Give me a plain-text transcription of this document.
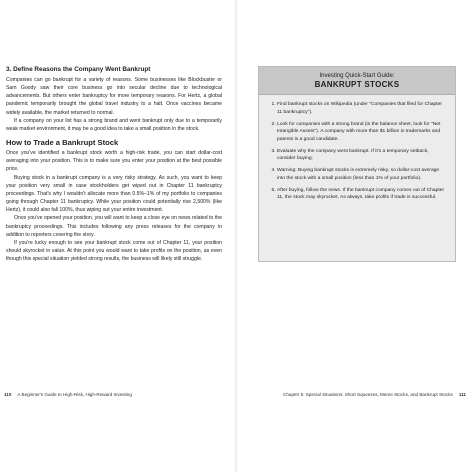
3. Define Reasons the Company Went Bankrupt

Companies can go bankrupt for a variety of reasons. Some businesses like Blockbuster or Sam Goody saw their core business go into secular decline due to technological advancements. But others enter bankruptcy for more temporary reasons. For Hertz, a global pandemic temporarily brought the global travel industry to a halt. Once vaccines became widely available, the market returned to normal.

If a company on your list has a strong brand and went bankrupt only due to a temporarily weak market environment, it may be a good idea to take a small position in the stock.

How to Trade a Bankrupt Stock

Once you've identified a bankrupt stock worth a high-risk trade, you can start dollar-cost averaging into your position. This is to make sure you enter your position at the best possible price.

Buying stock in a bankrupt company is a very risky strategy. As such, you want to keep your position very small in case stockholders get wiped out in Chapter 11 bankruptcy proceedings. That's why I wouldn't allocate more than 0.5%–1% of my portfolio to companies going through Chapter 11 bankruptcy. While your position could potentially rise 2,500% (like Hertz), it could also fall 100%, thus wiping out your entire investment.

Once you've opened your position, you will want to keep a close eye on news related to the bankruptcy proceedings. This includes following any press releases for the company in addition to reporters covering the story.

If you're lucky enough to see your bankrupt stock come out of Chapter 11, your position should skyrocket in value. At this point you would want to take profits on the position, as even though this special situation yielded strong results, the business will likely still struggle.

110 A Beginner's Guide to High-Risk, High-Reward Investing
Investing Quick-Start Guide:
BANKRUPT STOCKS
1. Find bankrupt stocks on Wikipedia (under "Companies that filed for Chapter 11 bankruptcy").
2. Look for companies with a strong brand (in the balance sheet, look for "Net Intangible Assets"). A company with more than $1 billion in trademarks and patents is a good candidate.
3. Evaluate why the company went bankrupt. If it's a temporary setback, consider buying.
4. Warning: Buying bankrupt stocks is extremely risky, so dollar-cost average into the stock with a small position (less than 1% of your portfolio).
5. After buying, follow the news. If the bankrupt company comes out of Chapter 11, the stock may skyrocket. As always, take profits if trade is successful.
Chapter 5: Special Situations: Short Squeezes, Meme Stocks, and Bankrupt Stocks 111
